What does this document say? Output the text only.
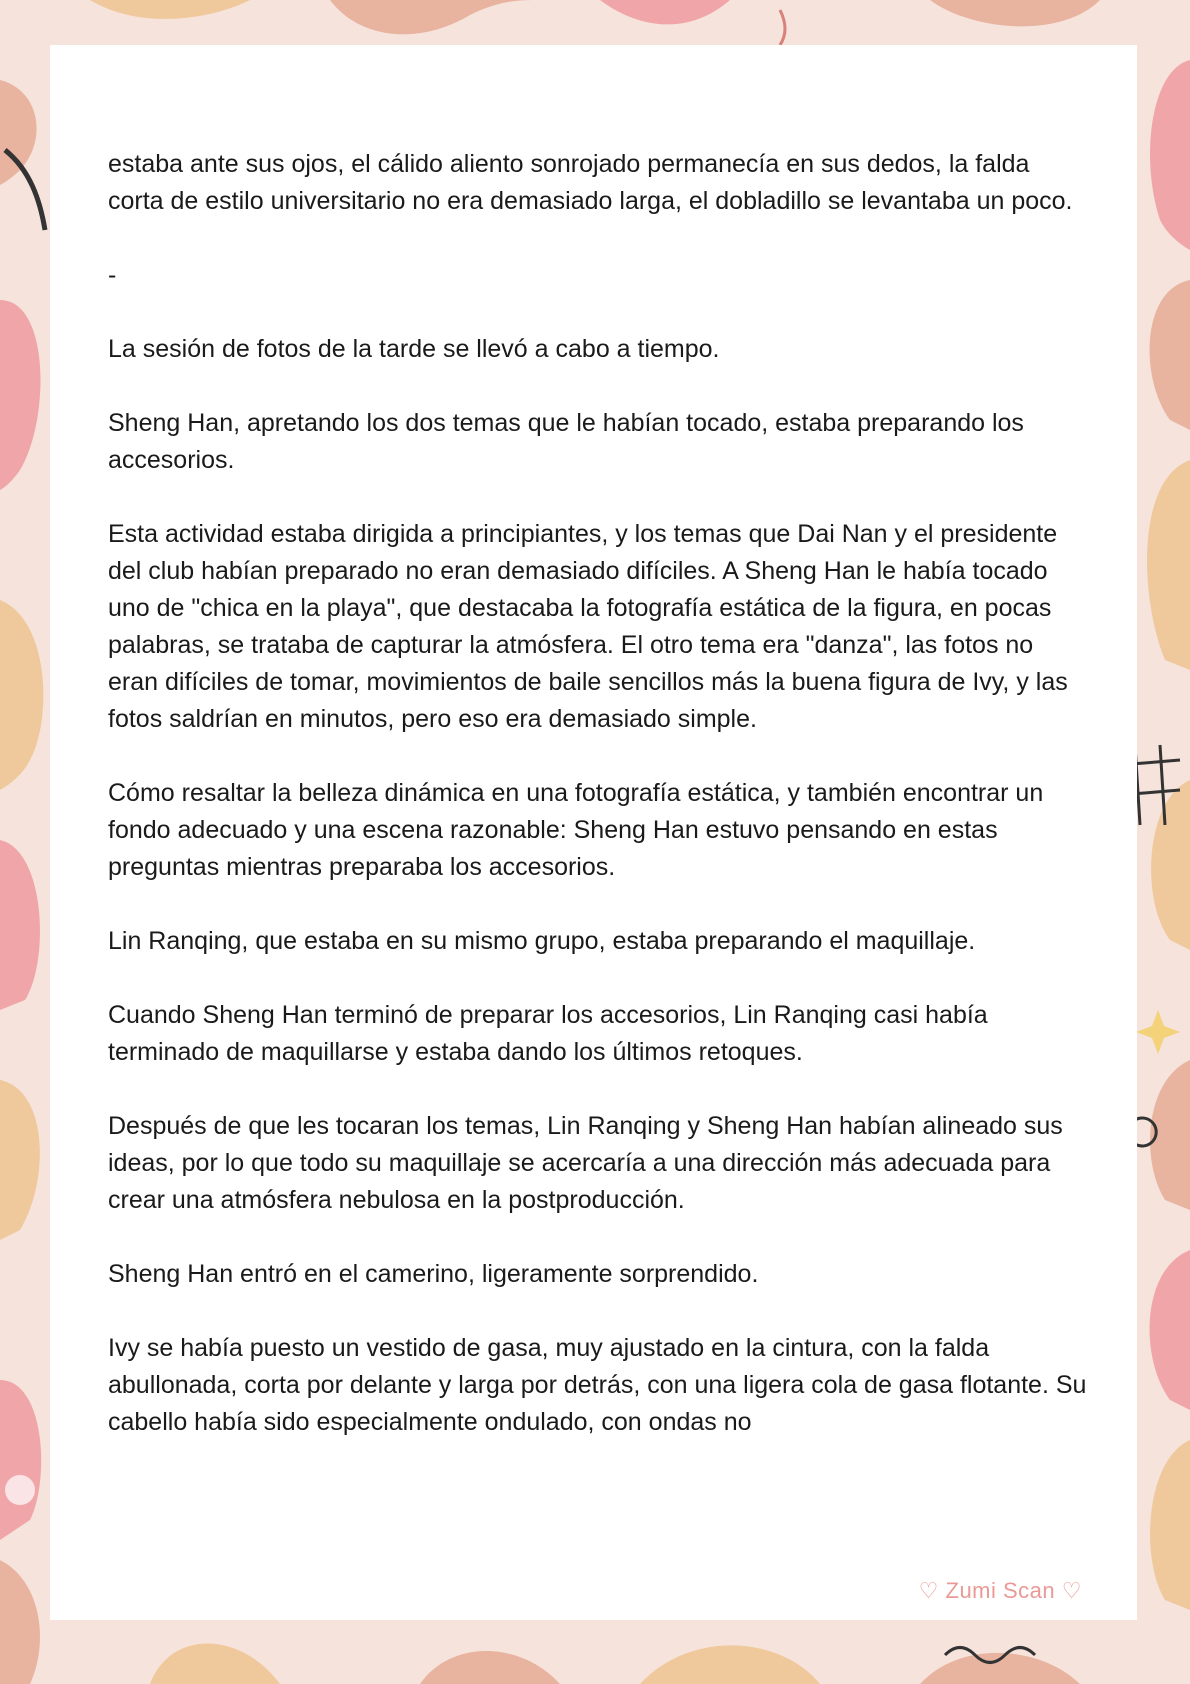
estaba ante sus ojos, el cálido aliento sonrojado permanecía en sus dedos, la falda corta de estilo universitario no era demasiado larga, el dobladillo se levantaba un poco.

-

La sesión de fotos de la tarde se llevó a cabo a tiempo.

Sheng Han, apretando los dos temas que le habían tocado, estaba preparando los accesorios.

Esta actividad estaba dirigida a principiantes, y los temas que Dai Nan y el presidente del club habían preparado no eran demasiado difíciles. A Sheng Han le había tocado uno de "chica en la playa", que destacaba la fotografía estática de la figura, en pocas palabras, se trataba de capturar la atmósfera. El otro tema era "danza", las fotos no eran difíciles de tomar, movimientos de baile sencillos más la buena figura de Ivy, y las fotos saldrían en minutos, pero eso era demasiado simple.

Cómo resaltar la belleza dinámica en una fotografía estática, y también encontrar un fondo adecuado y una escena razonable: Sheng Han estuvo pensando en estas preguntas mientras preparaba los accesorios.

Lin Ranqing, que estaba en su mismo grupo, estaba preparando el maquillaje.

Cuando Sheng Han terminó de preparar los accesorios, Lin Ranqing casi había terminado de maquillarse y estaba dando los últimos retoques.

Después de que les tocaran los temas, Lin Ranqing y Sheng Han habían alineado sus ideas, por lo que todo su maquillaje se acercaría a una dirección más adecuada para crear una atmósfera nebulosa en la postproducción.

Sheng Han entró en el camerino, ligeramente sorprendido.

Ivy se había puesto un vestido de gasa, muy ajustado en la cintura, con la falda abullonada, corta por delante y larga por detrás, con una ligera cola de gasa flotante. Su cabello había sido especialmente ondulado, con ondas no

♡ Zumi Scan ♡
